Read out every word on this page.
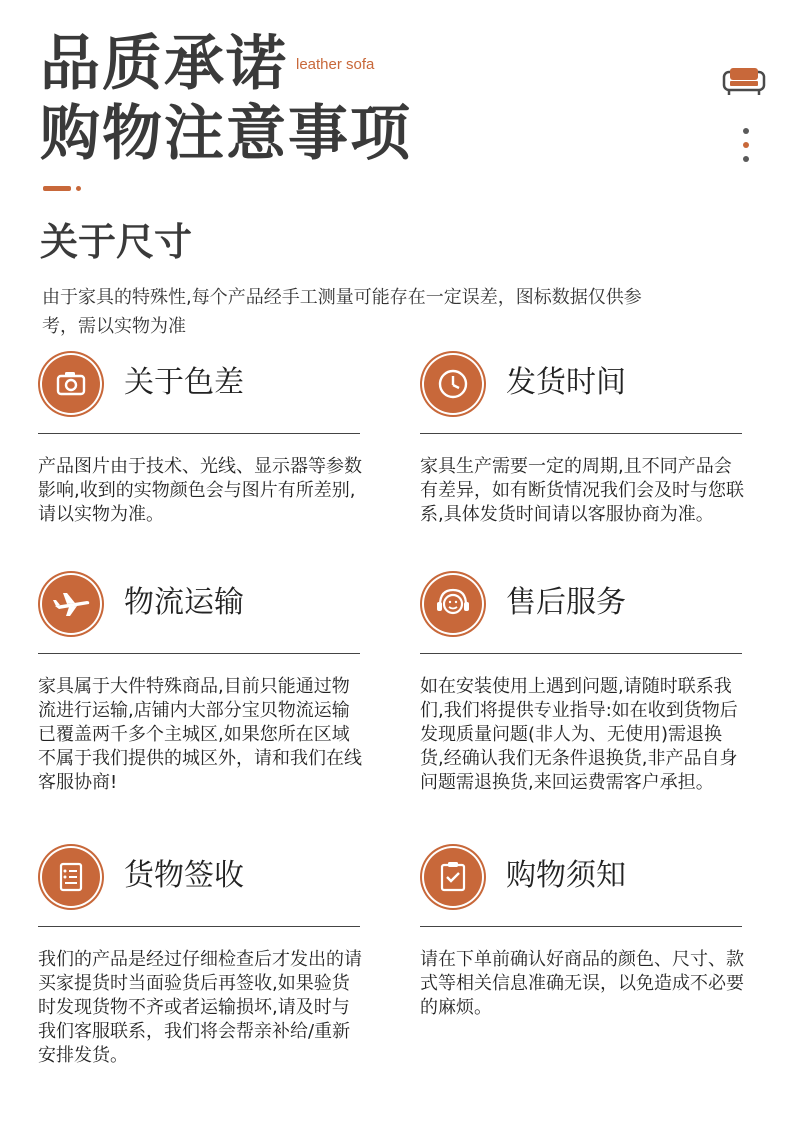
品质承诺
购物注意事项
leather sofa
关于尺寸
由于家具的特殊性,每个产品经手工测量可能存在一定误差，图标数据仅供参考，需以实物为准
关于色差
产品图片由于技术、光线、显示器等参数影响,收到的实物颜色会与图片有所差别,请以实物为准。
发货时间
家具生产需要一定的周期,且不同产品会有差异，如有断货情况我们会及时与您联系,具体发货时间请以客服协商为准。
物流运输
家具属于大件特殊商品,目前只能通过物流进行运输,店铺内大部分宝贝物流运输已覆盖两千多个主城区,如果您所在区域不属于我们提供的城区外，请和我们在线客服协商!
售后服务
如在安装使用上遇到问题,请随时联系我们,我们将提供专业指导:如在收到货物后发现质量问题(非人为、无使用)需退换货,经确认我们无条件退换货,非产品自身问题需退换货,来回运费需客户承担。
货物签收
我们的产品是经过仔细检查后才发出的请买家提货时当面验货后再签收,如果验货时发现货物不齐或者运输损坏,请及时与我们客服联系，我们将会帮亲补给/重新安排发货。
购物须知
请在下单前确认好商品的颜色、尺寸、款式等相关信息准确无误，以免造成不必要的麻烦。
